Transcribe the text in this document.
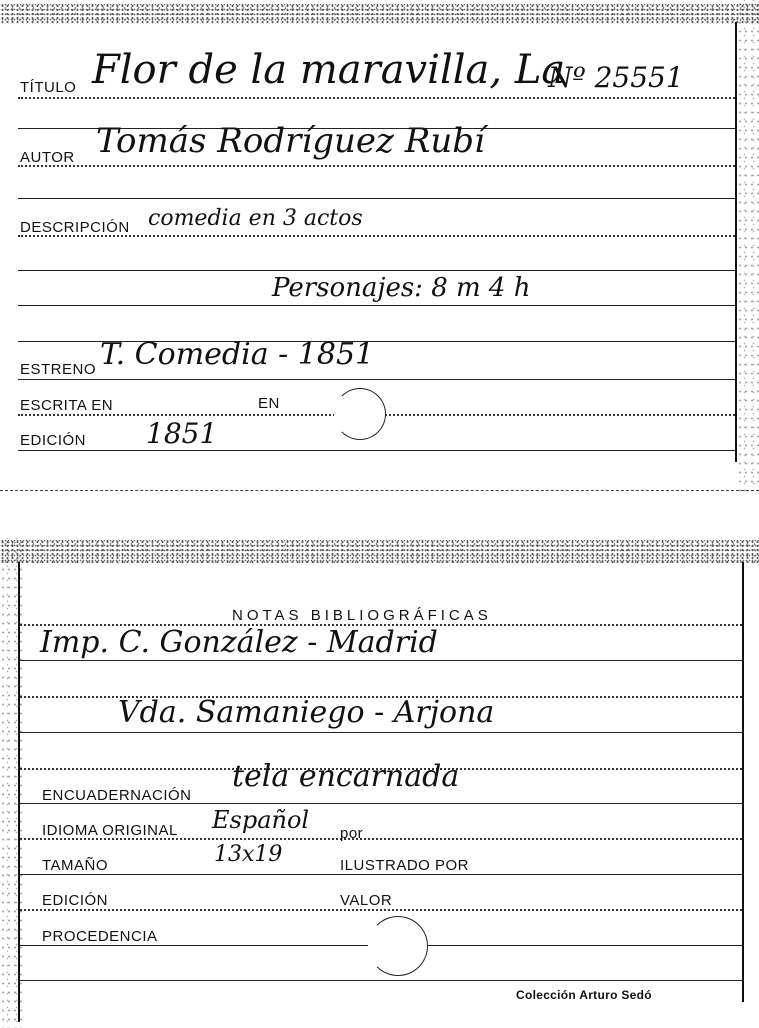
TÍTULO Flor de la maravilla, La
Nº 25551
AUTOR Tomás Rodríguez Rubí
DESCRIPCIÓN comedia en 3 actos
Personajes: 8 m 4 h
ESTRENO T. Comedia - 1851
ESCRITA EN	EN
EDICIÓN 1851
NOTAS BIBLIOGRÁFICAS
Imp. C. González - Madrid
Vda. Samaniego - Arjona
ENCUADERNACIÓN
tela encarnada
IDIOMA ORIGINAL Español por
TAMAÑO	13x19	ILUSTRADO POR
EDICIÓN	VALOR
PROCEDENCIA
Colección Arturo Sedó
